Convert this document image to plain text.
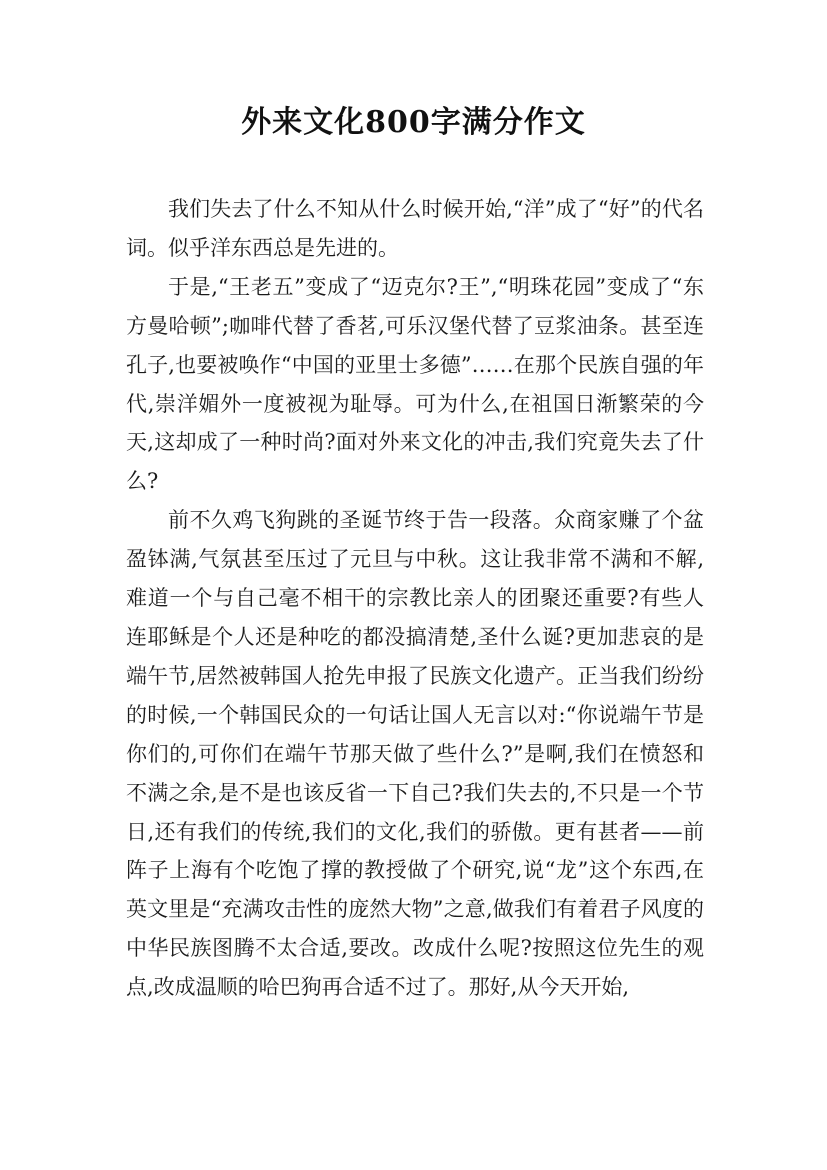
外来文化800字满分作文

我们失去了什么不知从什么时候开始,“洋”成了“好”的代名词。似乎洋东西总是先进的。

于是,“王老五”变成了“迈克尔?王”,“明珠花园”变成了“东方曼哈顿”;咖啡代替了香茗,可乐汉堡代替了豆浆油条。甚至连孔子,也要被唤作“中国的亚里士多德”……在那个民族自强的年代,崇洋媚外一度被视为耻辱。可为什么,在祖国日渐繁荣的今天,这却成了一种时尚?面对外来文化的冲击,我们究竟失去了什么?

前不久鸡飞狗跳的圣诞节终于告一段落。众商家赚了个盆盈钵满,气氛甚至压过了元旦与中秋。这让我非常不满和不解,难道一个与自己毫不相干的宗教比亲人的团聚还重要?有些人连耶稣是个人还是种吃的都没搞清楚,圣什么诞?更加悲哀的是端午节,居然被韩国人抢先申报了民族文化遗产。正当我们纷纷的时候,一个韩国民众的一句话让国人无言以对:“你说端午节是你们的,可你们在端午节那天做了些什么?”是啊,我们在愤怒和不满之余,是不是也该反省一下自己?我们失去的,不只是一个节日,还有我们的传统,我们的文化,我们的骄傲。更有甚者——前阵子上海有个吃饱了撑的教授做了个研究,说“龙”这个东西,在英文里是“充满攻击性的庞然大物”之意,做我们有着君子风度的中华民族图腾不太合适,要改。改成什么呢?按照这位先生的观点,改成温顺的哈巴狗再合适不过了。那好,从今天开始,
